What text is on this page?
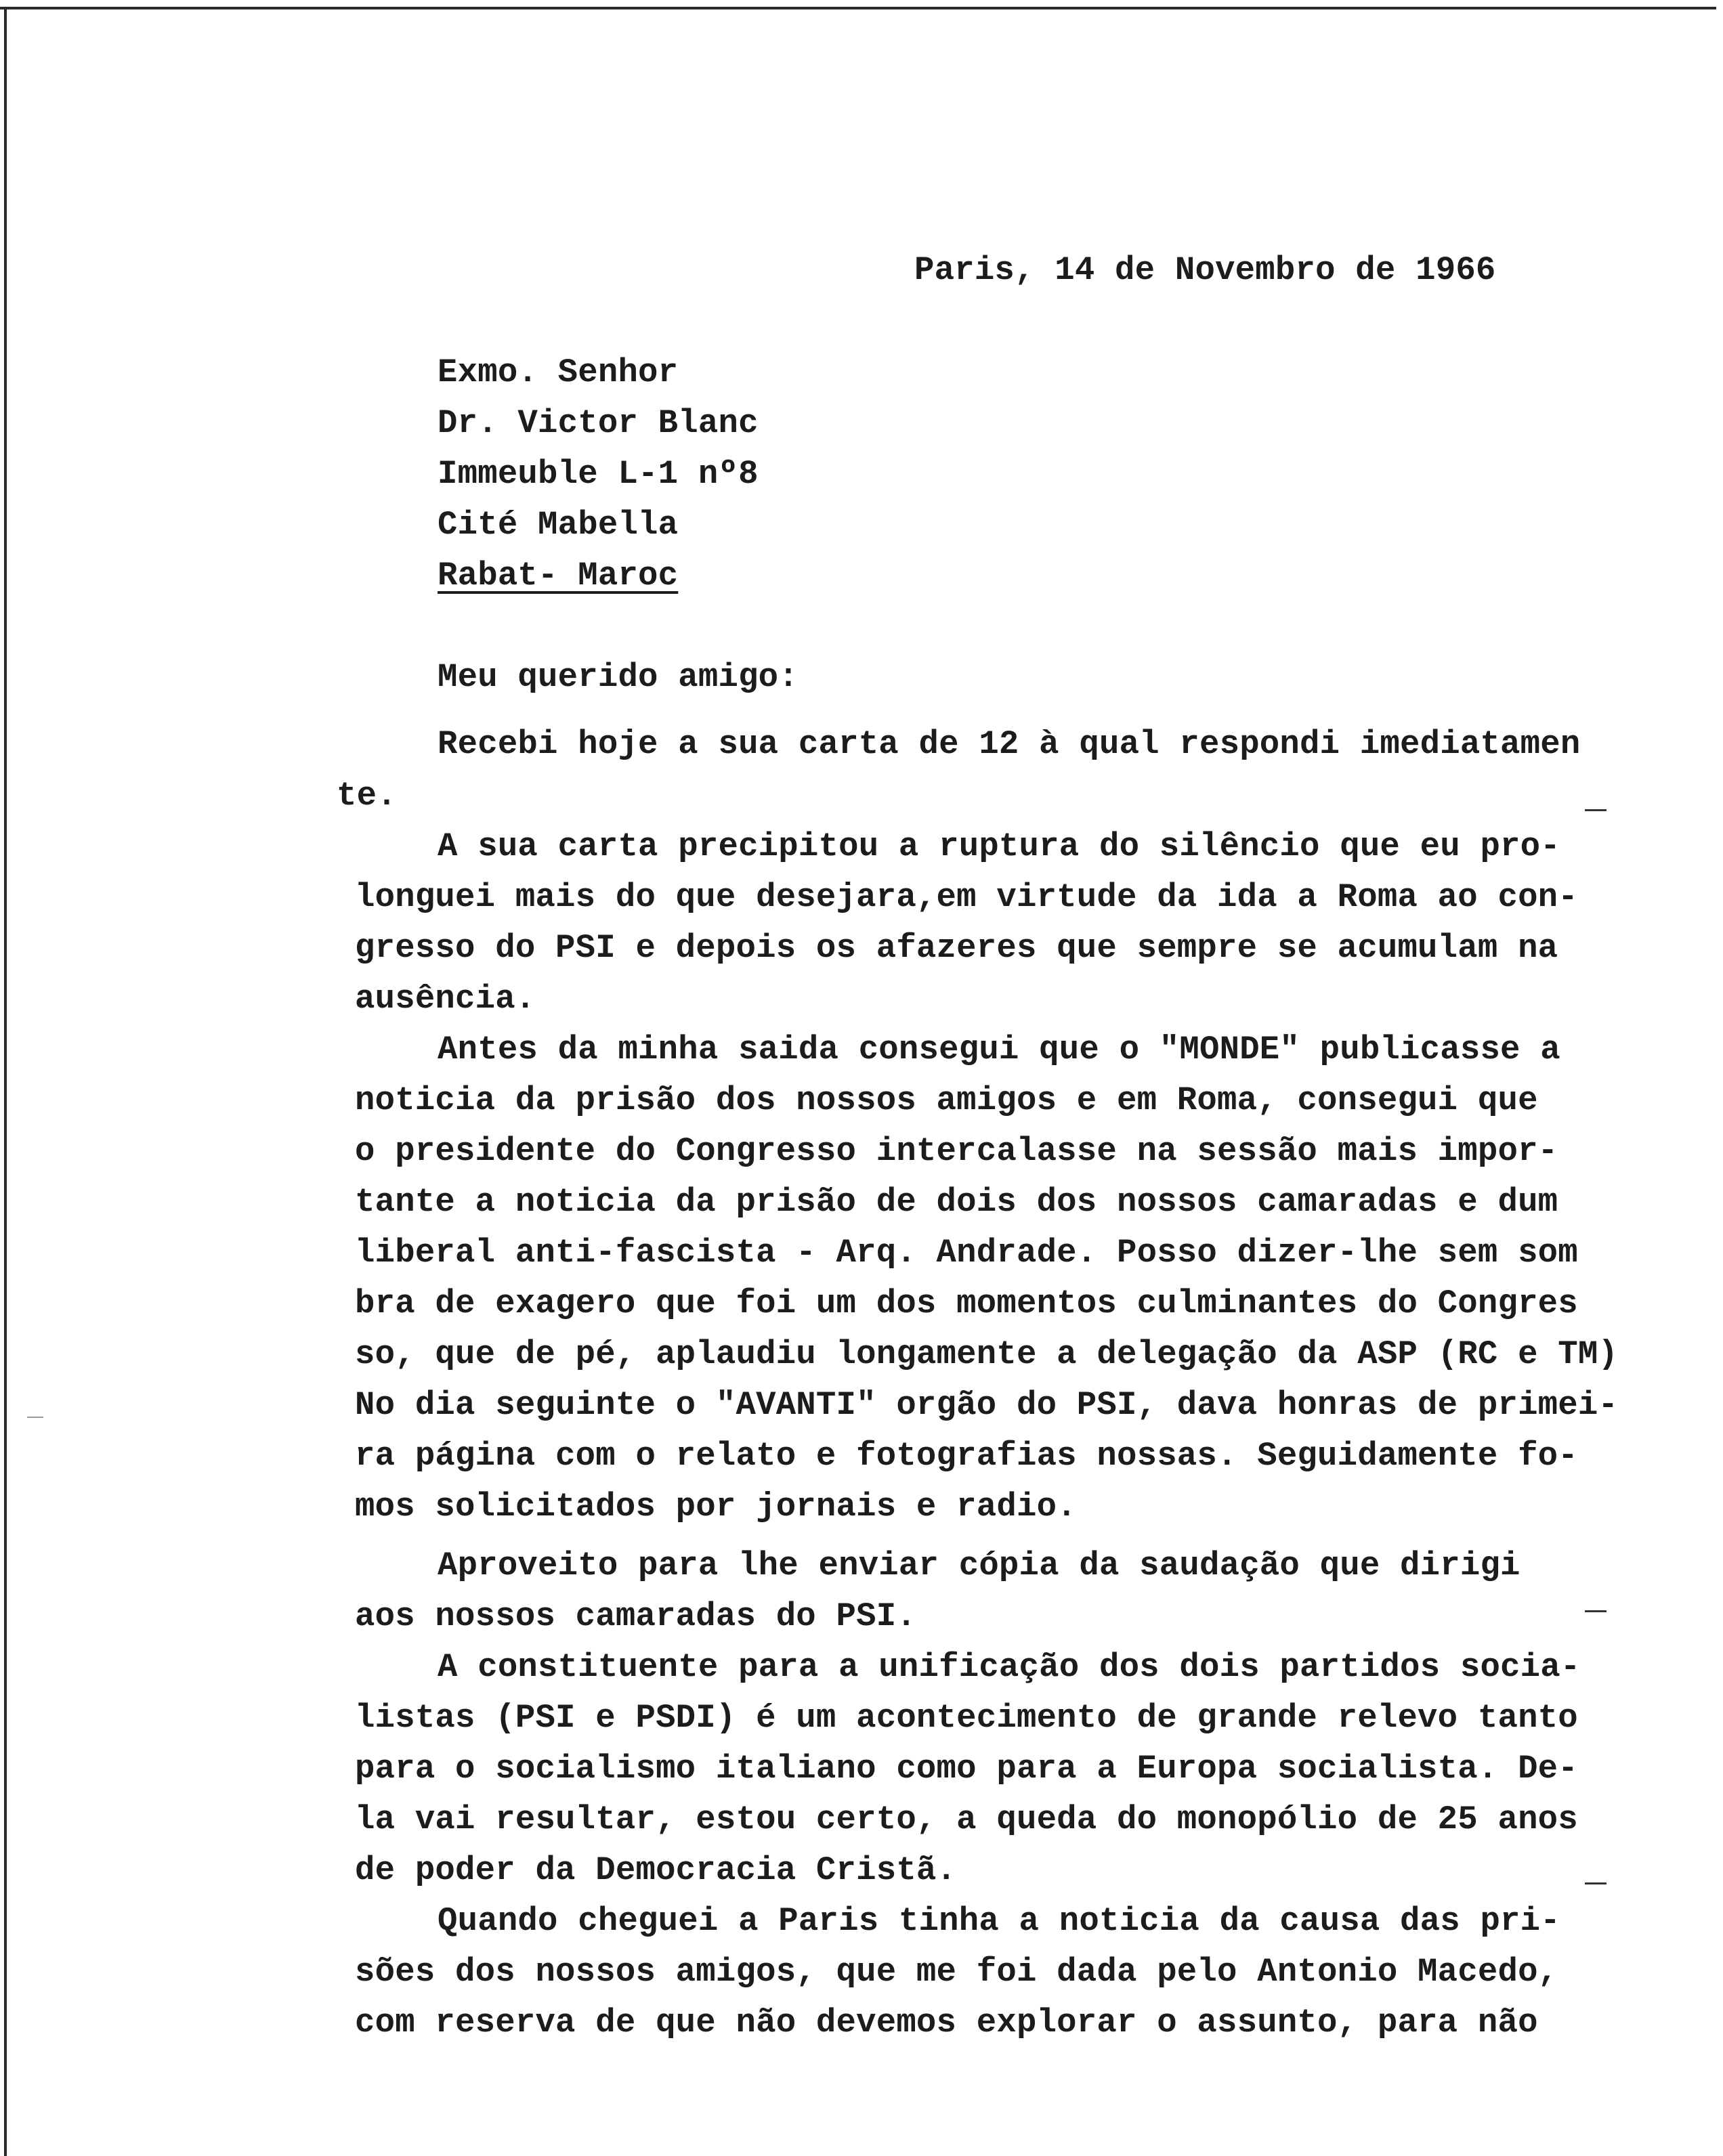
Paris, 14 de Novembro de 1966
Exmo. Senhor
Dr. Victor Blanc
Immeuble L-1 nº8
Cité Mabella
Rabat- Maroc
Meu querido amigo:
Recebi hoje a sua carta de 12 à qual respondi imediatamen
te.
A sua carta precipitou a ruptura do silêncio que eu pro-
longuei mais do que desejara,em virtude da ida a Roma ao con-
gresso do PSI e depois os afazeres que sempre se acumulam na
ausência.
Antes da minha saida consegui que o "MONDE" publicasse a
noticia da prisão dos nossos amigos e em Roma, consegui que
o presidente do Congresso intercalasse na sessão mais impor-
tante a noticia da prisão de dois dos nossos camaradas e dum
liberal anti-fascista - Arq. Andrade. Posso dizer-lhe sem som
bra de exagero que foi um dos momentos culminantes do Congres
so, que de pé, aplaudiu longamente a delegação da ASP (RC e TM)
No dia seguinte o "AVANTI" orgão do PSI, dava honras de primei-
ra página com o relato e fotografias nossas. Seguidamente fo-
mos solicitados por jornais e radio.
Aproveito para lhe enviar cópia da saudação que dirigi
aos nossos camaradas do PSI.
A constituente para a unificação dos dois partidos socia-
listas (PSI e PSDI) é um acontecimento de grande relevo tanto
para o socialismo italiano como para a Europa socialista. De-
la vai resultar, estou certo, a queda do monopólio de 25 anos
de poder da Democracia Cristã.
Quando cheguei a Paris tinha a noticia da causa das pri-
sões dos nossos amigos, que me foi dada pelo Antonio Macedo,
com reserva de que não devemos explorar o assunto, para não
